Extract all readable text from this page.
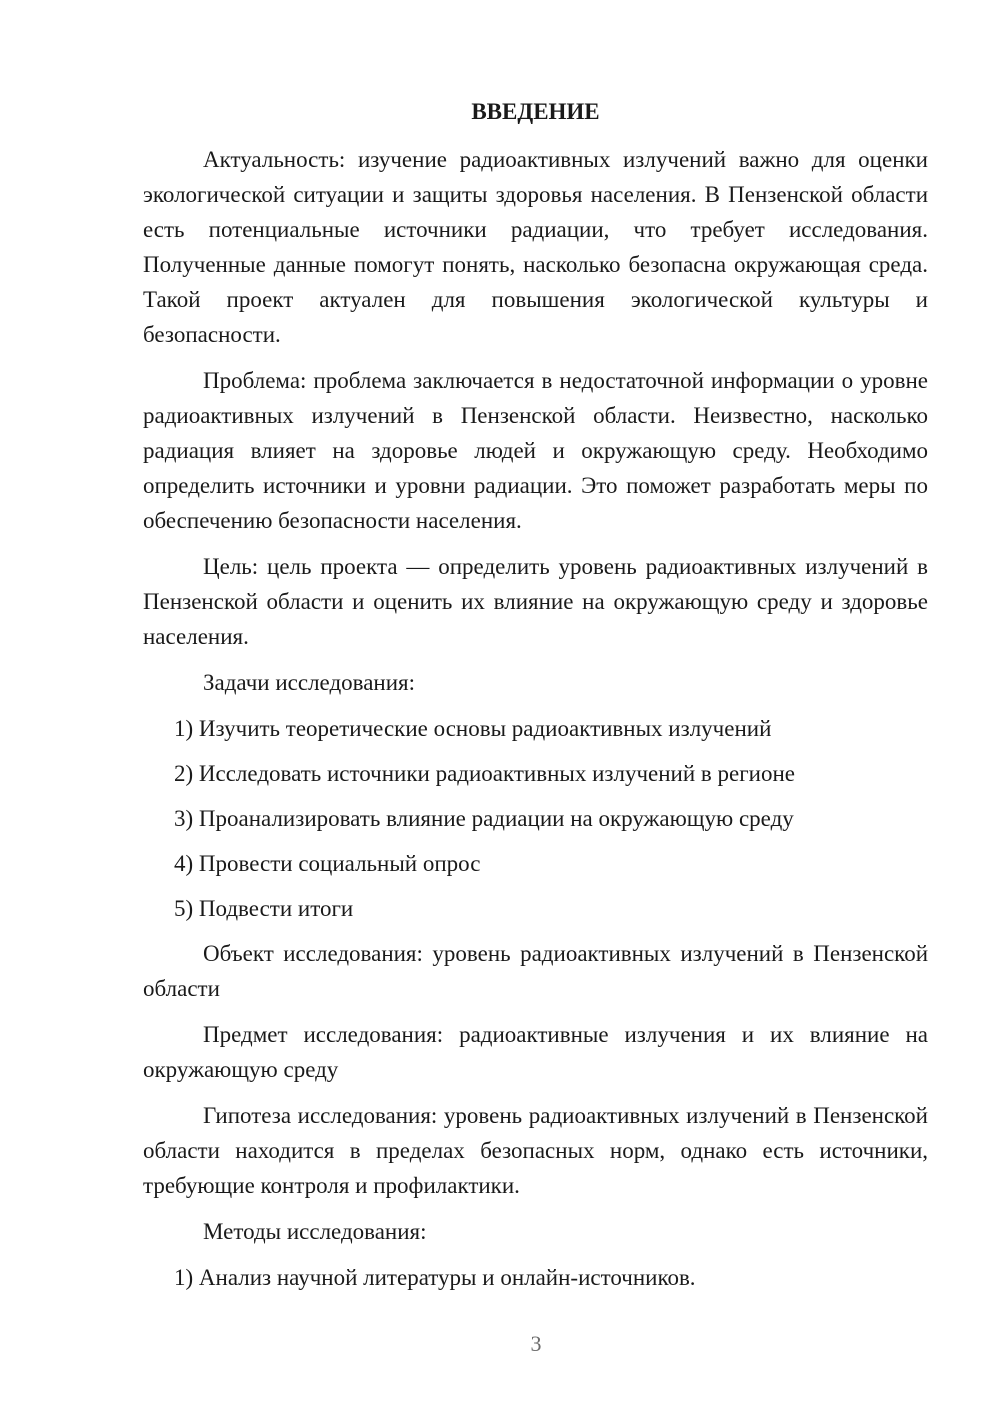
ВВЕДЕНИЕ

Актуальность: изучение радиоактивных излучений важно для оценки экологической ситуации и защиты здоровья населения. В Пензенской области есть потенциальные источники радиации, что требует исследования. Полученные данные помогут понять, насколько безопасна окружающая среда. Такой проект актуален для повышения экологической культуры и безопасности.

Проблема: проблема заключается в недостаточной информации о уровне радиоактивных излучений в Пензенской области. Неизвестно, насколько радиация влияет на здоровье людей и окружающую среду. Необходимо определить источники и уровни радиации. Это поможет разработать меры по обеспечению безопасности населения.

Цель: цель проекта — определить уровень радиоактивных излучений в Пензенской области и оценить их влияние на окружающую среду и здоровье населения.

Задачи исследования:

1) Изучить теоретические основы радиоактивных излучений
2) Исследовать источники радиоактивных излучений в регионе
3) Проанализировать влияние радиации на окружающую среду
4) Провести социальный опрос
5) Подвести итоги

Объект исследования: уровень радиоактивных излучений в Пензенской области

Предмет исследования: радиоактивные излучения и их влияние на окружающую среду

Гипотеза исследования: уровень радиоактивных излучений в Пензенской области находится в пределах безопасных норм, однако есть источники, требующие контроля и профилактики.

Методы исследования:

1) Анализ научной литературы и онлайн-источников.
3
